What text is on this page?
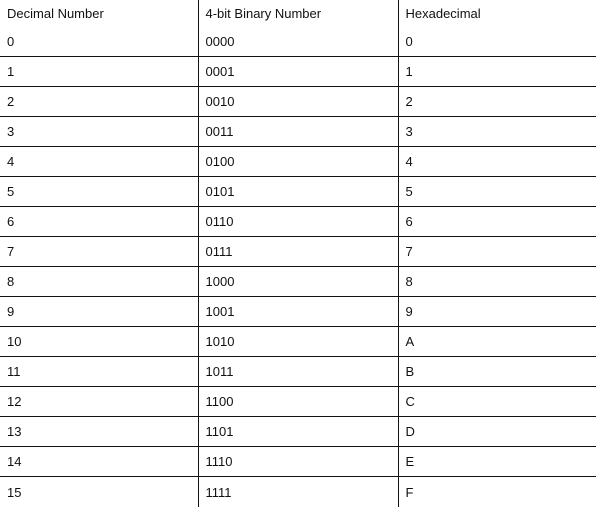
Decimal Number	4-bit Binary Number	Hexadecimal
0	0000	0
1	0001	1
2	0010	2
3	0011	3
4	0100	4
5	0101	5
6	0110	6
7	0111	7
8	1000	8
9	1001	9
10	1010	A
11	1011	B
12	1100	C
13	1101	D
14	1110	E
15	1111	F
